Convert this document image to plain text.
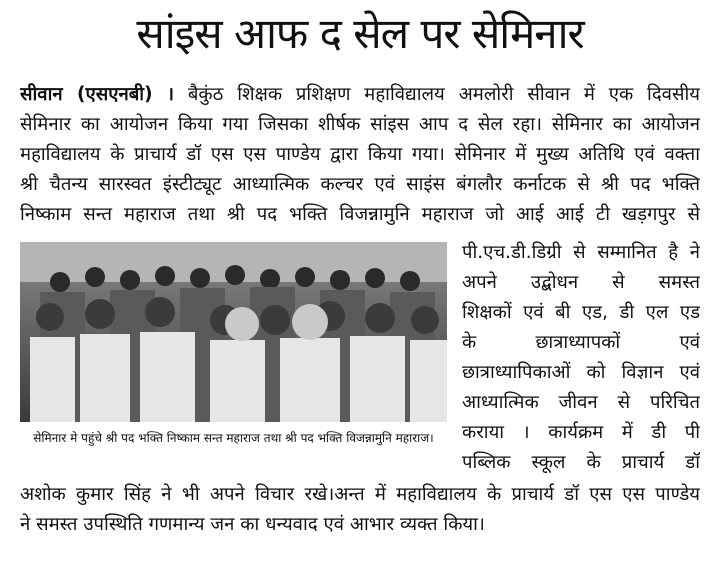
सांइस आफ द सेल पर सेमिनार
सीवान (एसएनबी) । बैकुंठ शिक्षक प्रशिक्षण महाविद्यालय अमलोरी सीवान में एक दिवसीय
सेमिनार का आयोजन किया गया जिसका शीर्षक सांइस आप द सेल रहा। सेमिनार का आयोजन
महाविद्यालय के प्राचार्य डॉ एस एस पाण्डेय द्वारा किया गया। सेमिनार में मुख्य अतिथि एवं वक्ता
श्री चैतन्य सारस्वत इंस्टीट्यूट आध्यात्मिक कल्चर एवं साइंस बंगलौर कर्नाटक से श्री पद भक्ति
निष्काम सन्त महाराज तथा श्री पद भक्ति विजन्नामुनि महाराज जो आई आई टी खड़गपुर से
सेमिनार मे पहुंचे श्री पद भक्ति निष्काम सन्त महाराज तथा श्री पद भक्ति विजन्नामुनि महाराज।
पी.एच.डी.डिग्री से सम्मानित है ने
अपने उद्बोधन से समस्त
शिक्षकों एवं बी एड, डी एल एड
के छात्राध्यापकों एवं
छात्राध्यापिकाओं को विज्ञान एवं
आध्यात्मिक जीवन से परिचित
कराया । कार्यक्रम में डी पी
पब्लिक स्कूल के प्राचार्य डॉ
अशोक कुमार सिंह ने भी अपने विचार रखे।अन्त में महाविद्यालय के प्राचार्य डॉ एस एस पाण्डेय
ने समस्त उपस्थिति गणमान्य जन का धन्यवाद एवं आभार व्यक्त किया।
